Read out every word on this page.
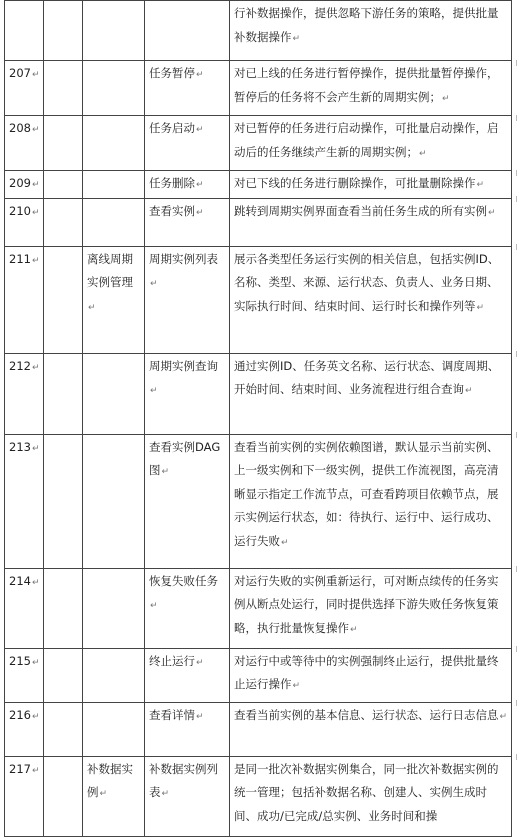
				行补数据操作，提供忽略下游任务的策略，提供批量补数据操作↵
207↵			任务暂停↵	对已上线的任务进行暂停操作，提供批量暂停操作，暂停后的任务将不会产生新的周期实例；↵
208↵			任务启动↵	对已暂停的任务进行启动操作，可批量启动操作，启动后的任务继续产生新的周期实例；↵
209↵			任务删除↵	对已下线的任务进行删除操作，可批量删除操作↵
210↵			查看实例↵	跳转到周期实例界面查看当前任务生成的所有实例↵
211↵		离线周期实例管理↵	周期实例列表↵	展示各类型任务运行实例的相关信息，包括实例ID、名称、类型、来源、运行状态、负责人、业务日期、实际执行时间、结束时间、运行时长和操作列等↵
212↵			周期实例查询↵	通过实例ID、任务英文名称、运行状态、调度周期、开始时间、结束时间、业务流程进行组合查询↵
213↵			查看实例DAG图↵	查看当前实例的实例依赖图谱，默认显示当前实例、上一级实例和下一级实例，提供工作流视图，高亮清晰显示指定工作流节点，可查看跨项目依赖节点，展示实例运行状态，如：待执行、运行中、运行成功、运行失败↵
214↵			恢复失败任务↵	对运行失败的实例重新运行，可对断点续传的任务实例从断点处运行，同时提供选择下游失败任务恢复策略，执行批量恢复操作↵
215↵			终止运行↵	对运行中或等待中的实例强制终止运行，提供批量终止运行操作↵
216↵			查看详情↵	查看当前实例的基本信息、运行状态、运行日志信息↵
217↵		补数据实例↵	补数据实例列表↵	是同一批次补数据实例集合，同一批次补数据实例的统一管理；包括补数据名称、创建人、实例生成时间、成功/已完成/总实例、业务时间和操
